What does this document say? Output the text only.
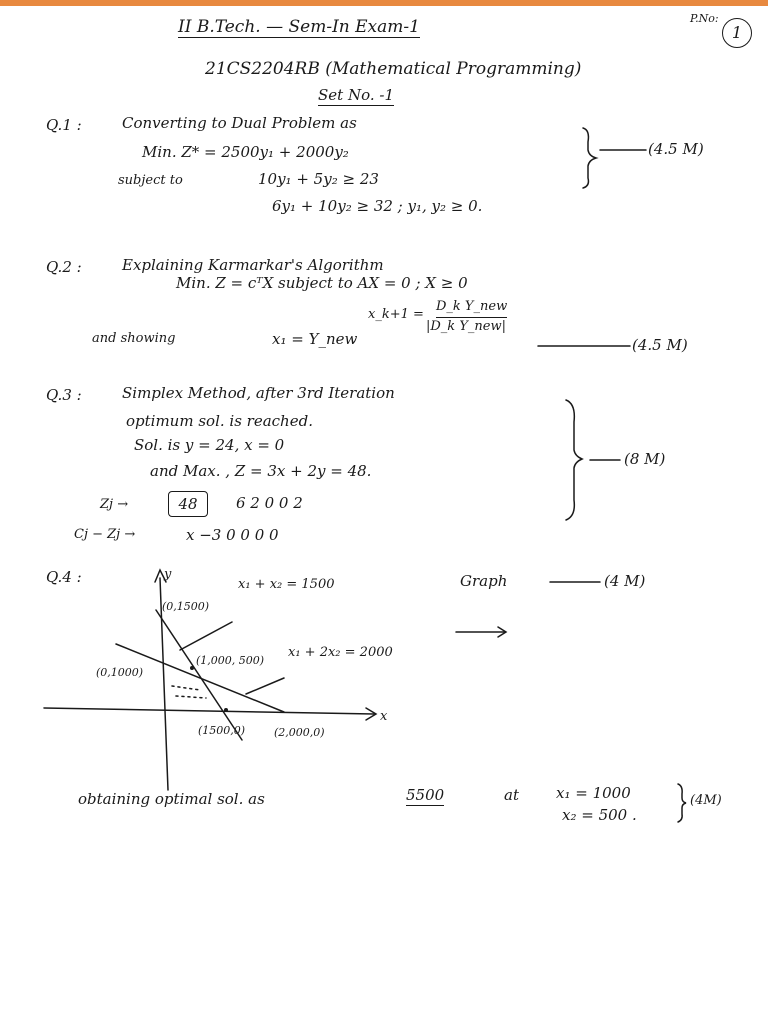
P.No:
1
II B.Tech. — Sem-In Exam-1
21CS2204RB (Mathematical Programming)
Set No. -1
Q.1 :	Converting to Dual Problem as
Min. Z* = 2500y₁ + 2000y₂
subject to	10y₁ + 5y₂ ≥ 23
6y₁ + 10y₂ ≥ 32 ; y₁, y₂ ≥ 0.
(4.5 M)
Q.2 :	Explaining Karmarkar's Algorithm
Min. Z = cᵀX subject to AX = 0 ; X ≥ 0
x_k+1 =
D_k Y_new
|D_k Y_new|
and showing	x₁ = Y_new	(4.5 M)
Q.3 :	Simplex Method, after 3rd Iteration
optimum sol. is reached.
Sol. is y = 24, x = 0
and Max. , Z = 3x + 2y = 48.
Zj →	48	6 2 0 0 2
Cj − Zj →	x −3 0 0 0 0
(8 M)
Q.4 :	y
x
(0,1500)
(0,1000)
(1,000, 500)
(1500,0)	(2,000,0)
x₁ + x₂ = 1500
x₁ + 2x₂ = 2000
Graph	(4 M)
obtaining optimal sol. as	5500	at x₁ = 1000
x₂ = 500 .
(4M)
